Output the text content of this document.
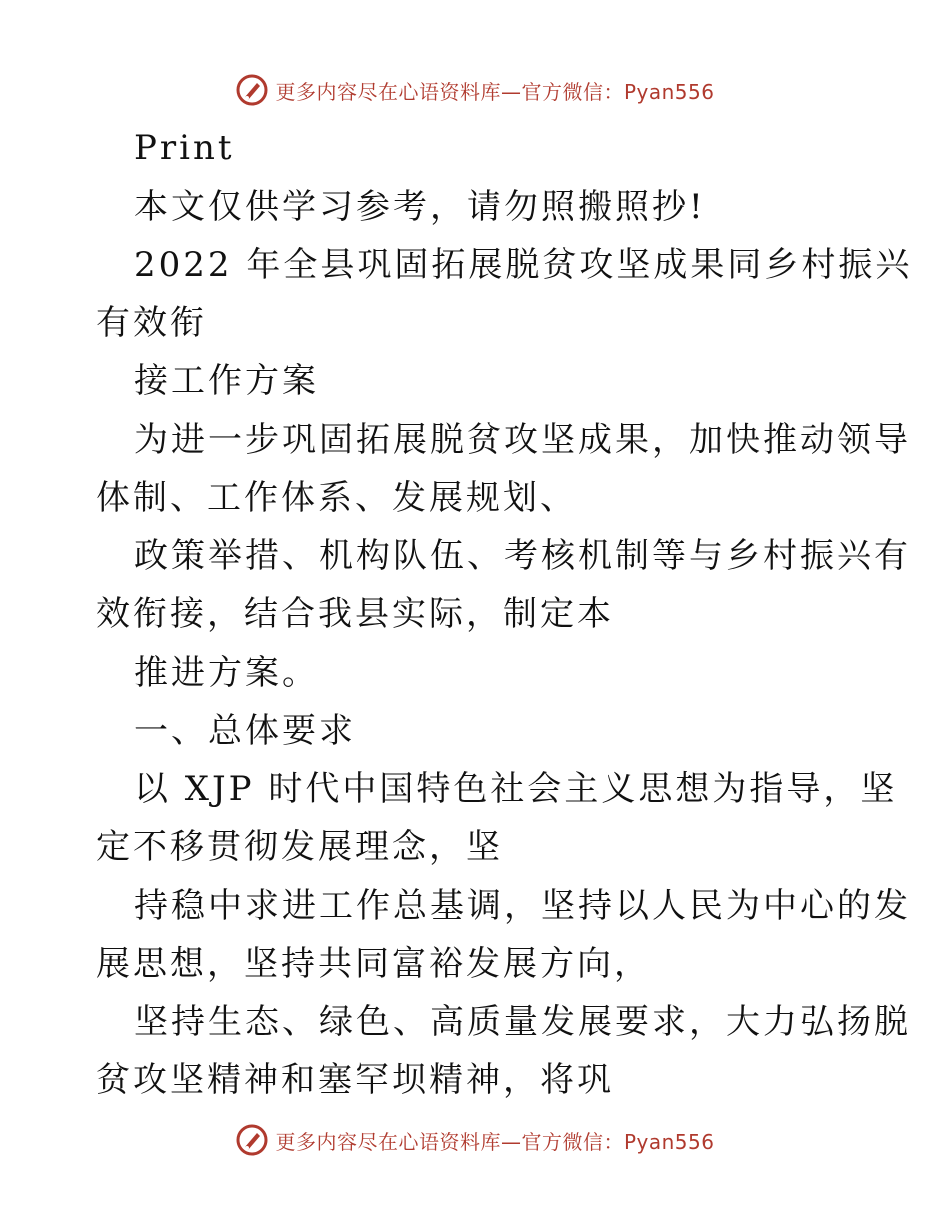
更多内容尽在心语资料库—官方微信：Pyan556
Print
本文仅供学习参考，请勿照搬照抄!
2022 年全县巩固拓展脱贫攻坚成果同乡村振兴
有效衔
接工作方案
为进一步巩固拓展脱贫攻坚成果，加快推动领导
体制、工作体系、发展规划、
政策举措、机构队伍、考核机制等与乡村振兴有
效衔接，结合我县实际，制定本
推进方案。
一、总体要求
以 XJP 时代中国特色社会主义思想为指导，坚
定不移贯彻发展理念，坚
持稳中求进工作总基调，坚持以人民为中心的发
展思想，坚持共同富裕发展方向，
坚持生态、绿色、高质量发展要求，大力弘扬脱
贫攻坚精神和塞罕坝精神，将巩
更多内容尽在心语资料库—官方微信：Pyan556
